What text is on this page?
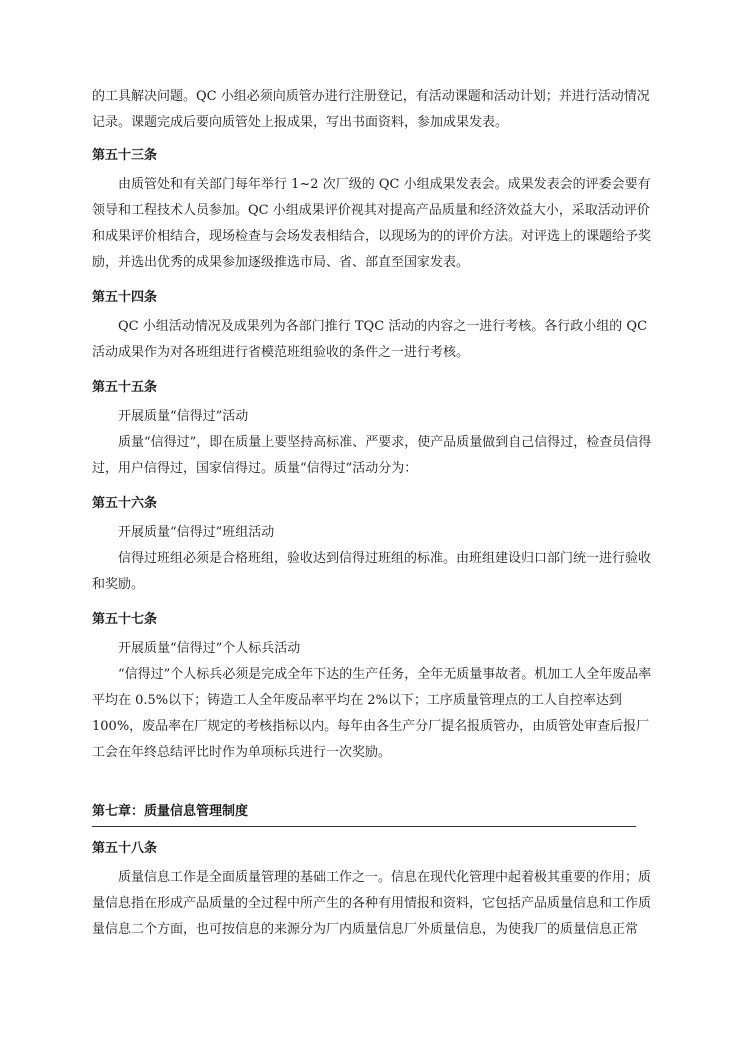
的工具解决问题。QC 小组必须向质管办进行注册登记，有活动课题和活动计划；并进行活动情况记录。课题完成后要向质管处上报成果，写出书面资料，参加成果发表。

第五十三条

由质管处和有关部门每年举行 1~2 次厂级的 QC 小组成果发表会。成果发表会的评委会要有领导和工程技术人员参加。QC 小组成果评价视其对提高产品质量和经济效益大小，采取活动评价和成果评价相结合，现场检查与会场发表相结合，以现场为的的评价方法。对评选上的课题给予奖励，并选出优秀的成果参加逐级推选市局、省、部直至国家发表。

第五十四条

QC 小组活动情况及成果列为各部门推行 TQC 活动的内容之一进行考核。各行政小组的 QC 活动成果作为对各班组进行省模范班组验收的条件之一进行考核。

第五十五条

开展质量“信得过”活动

质量“信得过”，即在质量上要坚持高标准、严要求，使产品质量做到自己信得过，检查员信得过，用户信得过，国家信得过。质量“信得过”活动分为：

第五十六条

开展质量“信得过”班组活动

信得过班组必须是合格班组，验收达到信得过班组的标准。由班组建设归口部门统一进行验收和奖励。

第五十七条

开展质量“信得过”个人标兵活动

“信得过”个人标兵必须是完成全年下达的生产任务，全年无质量事故者。机加工人全年废品率平均在 0.5%以下；铸造工人全年废品率平均在 2%以下；工序质量管理点的工人自控率达到 100%，废品率在厂规定的考核指标以内。每年由各生产分厂提名报质管办，由质管处审查后报厂工会在年终总结评比时作为单项标兵进行一次奖励。

第七章：质量信息管理制度
第五十八条

质量信息工作是全面质量管理的基础工作之一。信息在现代化管理中起着极其重要的作用；质量信息指在形成产品质量的全过程中所产生的各种有用情报和资料，它包括产品质量信息和工作质量信息二个方面，也可按信息的来源分为厂内质量信息厂外质量信息，为使我厂的质量信息正常
